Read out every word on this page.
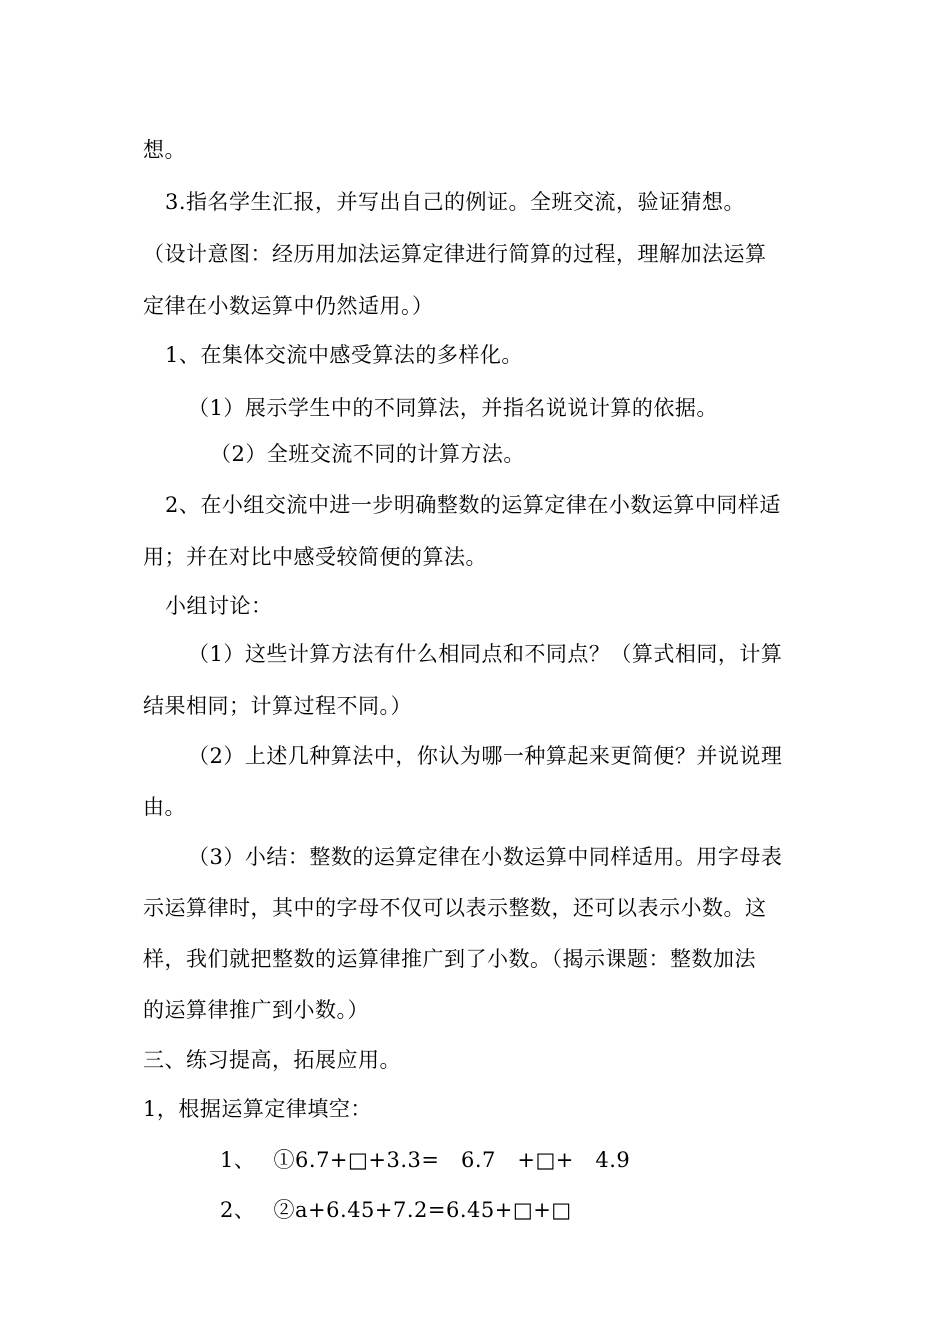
想。
3.指名学生汇报，并写出自己的例证。全班交流，验证猜想。
（设计意图：经历用加法运算定律进行简算的过程，理解加法运算
定律在小数运算中仍然适用。）
1、在集体交流中感受算法的多样化。
（1）展示学生中的不同算法，并指名说说计算的依据。
（2）全班交流不同的计算方法。
2、在小组交流中进一步明确整数的运算定律在小数运算中同样适
用；并在对比中感受较简便的算法。
小组讨论：
（1）这些计算方法有什么相同点和不同点？（算式相同，计算
结果相同；计算过程不同。）
（2）上述几种算法中，你认为哪一种算起来更简便？并说说理
由。
（3）小结：整数的运算定律在小数运算中同样适用。用字母表
示运算律时，其中的字母不仅可以表示整数，还可以表示小数。这
样，我们就把整数的运算律推广到了小数。（揭示课题：整数加法
的运算律推广到小数。）
三、练习提高，拓展应用。
1，根据运算定律填空：
1、　 ①6.7+□+3.3=　6.7　+□+　4.9
2、　 ②a+6.45+7.2=6.45+□+□
